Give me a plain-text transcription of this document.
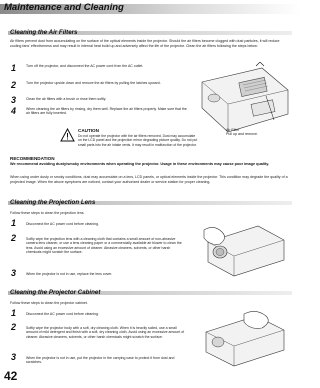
Maintenance and Cleaning
Cleaning the Air Filters

Air filters prevent dust from accumulating on the surface of the optical elements inside the projector. Should the air filters become clogged with dust particles, it will reduce cooling fans' effectiveness and may result in internal heat build up and adversely affect the life of the projector. Clean the air filters following the steps below:

1	Turn off the projector, and disconnect the AC power cord from the AC outlet.

2	Turn the projector upside down and remove the air filters by pulling the latches upward.

3	Clean the air filters with a brush or rinse them softly.

4	When cleaning the air filters by rinsing, dry them well. Replace the air filters properly. Make sure that the air filters are fully inserted.

CAUTION

Do not operate the projector with the air filters removed. Dust may accumulate on the LCD panel and the projection mirror degrading picture quality. Do not put small parts into the air intake vents. It may result in malfunction of the projector.

Air Filter
Pull up and remove.
RECOMMENDATION

We recommend avoiding dusty/smoky environments when operating the projector. Usage in these environments may cause poor image quality.

When using under dusty or smoky conditions, dust may accumulate on a lens, LCD panels, or optical elements inside the projector. This condition may degrade the quality of a projected image. When the above symptoms are noticed, contact your authorized dealer or service station for proper cleaning.

Cleaning the Projection Lens

Follow these steps to clean the projection lens.

1	Disconnect the AC power cord before cleaning.

2	Softly wipe the projection lens with a cleaning cloth that contains a small amount of non-abrasive camera lens cleaner, or use a lens cleaning paper or a commercially available air blower to clean the lens. Avoid using an excessive amount of cleaner. Abrasive cleaners, solvents, or other harsh chemicals might scratch the surface.

3	When the projector is not in use, replace the lens cover.

Cleaning the Projector Cabinet

Follow these steps to clean the projector cabinet.

1	Disconnect the AC power cord before cleaning.

2	Softly wipe the projector body with a soft, dry cleaning cloth. When it is heavily soiled, use a small amount of mild detergent and finish with a soft, dry cleaning cloth. Avoid using an excessive amount of cleaner. Abrasive cleaners, solvents, or other harsh chemicals might scratch the surface.

3	When the projector is not in use, put the projector in the carrying case to protect it from dust and scratches.

42
